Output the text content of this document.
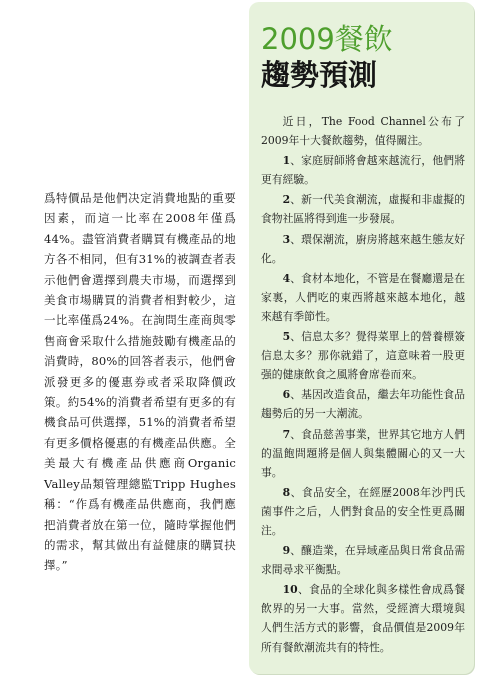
爲特價品是他們决定消費地點的重要因素，而這一比率在2008年僅爲44%。盡管消費者購買有機產品的地方各不相同，但有31%的被調查者表示他們會選擇到農夫市場，而選擇到美食市場購買的消費者相對較少，這一比率僅爲24%。在詢問生產商與零售商會采取什么措施鼓勵有機產品的消費時，80%的回答者表示，他們會派發更多的優惠券或者采取降價政策。約54%的消費者希望有更多的有機食品可供選擇，51%的消費者希望有更多價格優惠的有機產品供應。全美最大有機產品供應商Organic Valley品類管理總監Tripp Hughes稱：“作爲有機產品供應商，我們應把消費者放在第一位，隨時掌握他們的需求，幫其做出有益健康的購買抉擇。”

2009餐飲
趨勢預測

近日，The Food Channel公布了2009年十大餐飲趨勢，值得關注。

1、家庭厨師將會越來越流行，他們將更有經驗。

2、新一代美食潮流，虛擬和非虛擬的食物社區將得到進一步發展。

3、環保潮流，廚房將越來越生態友好化。

4、食材本地化，不管是在餐廳還是在家裏，人們吃的東西將越來越本地化，越來越有季節性。

5、信息太多？覺得菜單上的營養標簽信息太多？那你就錯了，這意味着一股更强的健康飲食之風將會席卷而來。

6、基因改造食品，繼去年功能性食品趨勢后的另一大潮流。

7、食品慈善事業，世界其它地方人們的温飽問題將是個人與集體關心的又一大事。

8、食品安全，在經歷2008年沙門氏菌事件之后，人們對食品的安全性更爲關注。

9、釀造業，在异域產品與日常食品需求間尋求平衡點。

10、食品的全球化與多樣性會成爲餐飲界的另一大事。當然，受經濟大環境與人們生活方式的影響，食品價值是2009年所有餐飲潮流共有的特性。
